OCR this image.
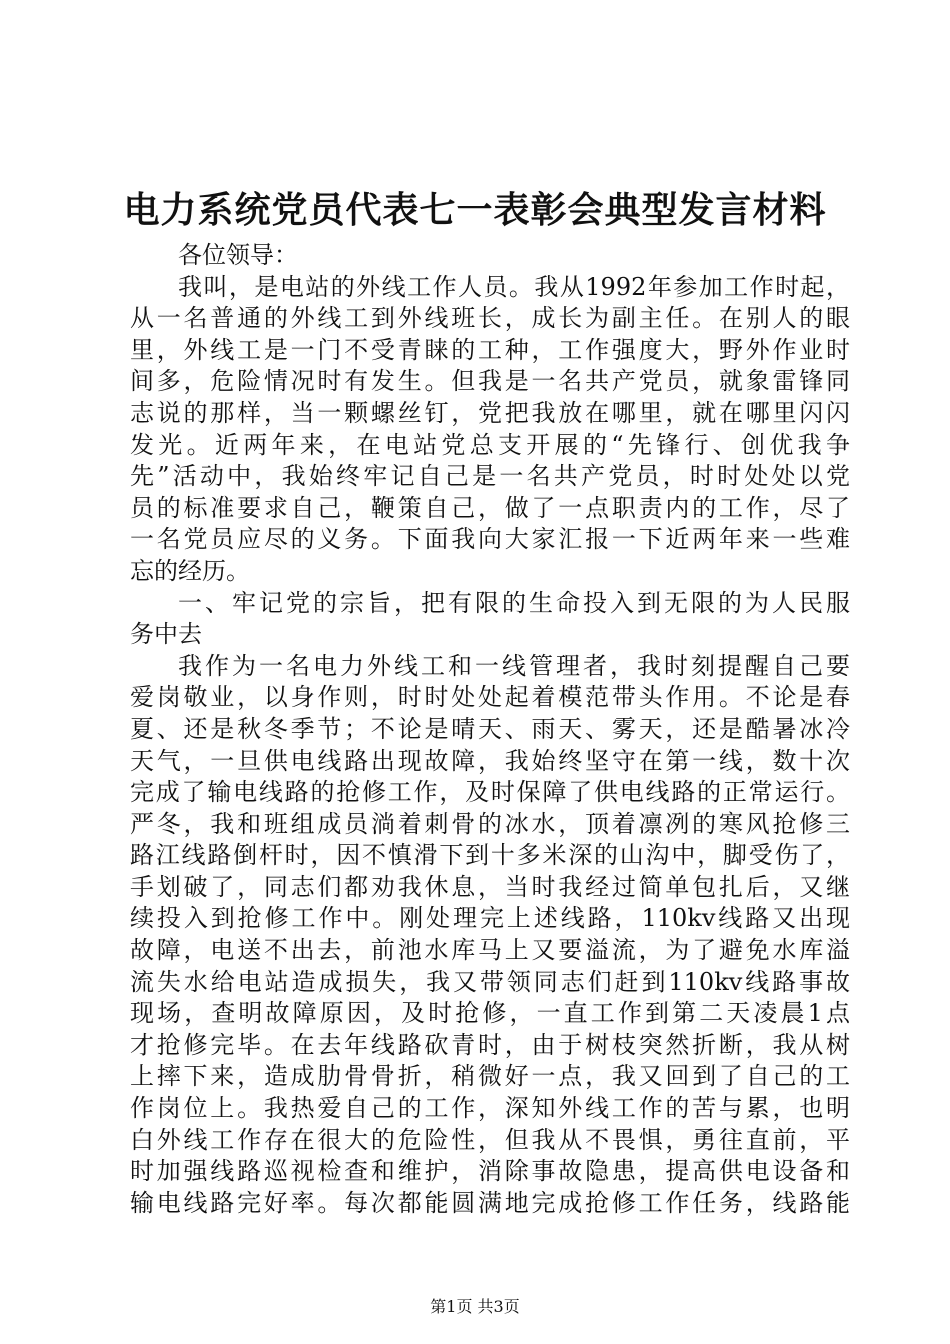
电力系统党员代表七一表彰会典型发言材料
各位领导：
我叫，是电站的外线工作人员。我从1992年参加工作时起，
从一名普通的外线工到外线班长，成长为副主任。在别人的眼
里，外线工是一门不受青睐的工种，工作强度大，野外作业时
间多，危险情况时有发生。但我是一名共产党员，就象雷锋同
志说的那样，当一颗螺丝钉，党把我放在哪里，就在哪里闪闪
发光。近两年来，在电站党总支开展的“先锋行、创优我争
先”活动中，我始终牢记自己是一名共产党员，时时处处以党
员的标准要求自己，鞭策自己，做了一点职责内的工作，尽了
一名党员应尽的义务。下面我向大家汇报一下近两年来一些难
忘的经历。
一、牢记党的宗旨，把有限的生命投入到无限的为人民服
务中去
我作为一名电力外线工和一线管理者，我时刻提醒自己要
爱岗敬业，以身作则，时时处处起着模范带头作用。不论是春
夏、还是秋冬季节；不论是晴天、雨天、雾天，还是酷暑冰冷
天气，一旦供电线路出现故障，我始终坚守在第一线，数十次
完成了输电线路的抢修工作，及时保障了供电线路的正常运行。
严冬，我和班组成员淌着刺骨的冰水，顶着凛冽的寒风抢修三
路江线路倒杆时，因不慎滑下到十多米深的山沟中，脚受伤了，
手划破了，同志们都劝我休息，当时我经过简单包扎后，又继
续投入到抢修工作中。刚处理完上述线路，110kv线路又出现
故障，电送不出去，前池水库马上又要溢流，为了避免水库溢
流失水给电站造成损失，我又带领同志们赶到110kv线路事故
现场，查明故障原因，及时抢修，一直工作到第二天凌晨1点
才抢修完毕。在去年线路砍青时，由于树枝突然折断，我从树
上摔下来，造成肋骨骨折，稍微好一点，我又回到了自己的工
作岗位上。我热爱自己的工作，深知外线工作的苦与累，也明
白外线工作存在很大的危险性，但我从不畏惧，勇往直前，平
时加强线路巡视检查和维护，消除事故隐患，提高供电设备和
输电线路完好率。每次都能圆满地完成抢修工作任务，线路能
第1页 共3页
